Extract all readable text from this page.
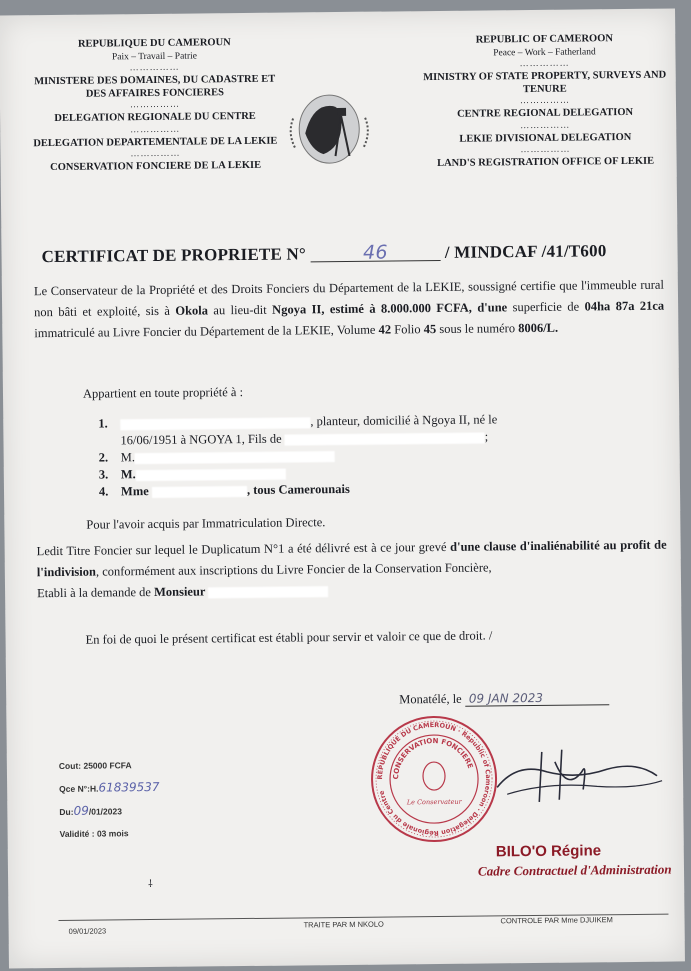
REPUBLIQUE DU CAMEROUN
Paix – Travail – Patrie
……………
MINISTERE DES DOMAINES, DU CADASTRE ET DES AFFAIRES FONCIERES
……………
DELEGATION REGIONALE DU CENTRE
……………
DELEGATION DEPARTEMENTALE DE LA LEKIE
……………
CONSERVATION FONCIERE DE LA LEKIE
REPUBLIC OF CAMEROON
Peace – Work – Fatherland
……………
MINISTRY OF STATE PROPERTY, SURVEYS AND TENURE
……………
CENTRE REGIONAL DELEGATION
……………
LEKIE DIVISIONAL DELEGATION
……………
LAND'S REGISTRATION OFFICE OF LEKIE
CERTIFICAT DE PROPRIETE N°	46	/ MINDCAF /41/T600
Le Conservateur de la Propriété et des Droits Fonciers du Département de la LEKIE, soussigné certifie que l'immeuble rural non bâti et exploité, sis à Okola au lieu-dit Ngoya II, estimé à 8.000.000 FCFA, d'une superficie de 04ha 87a 21ca immatriculé au Livre Foncier du Département de la LEKIE, Volume 42 Folio 45 sous le numéro 8006/L.
Appartient en toute propriété à :
1.	, planteur, domicilié à Ngoya II, né le
16/06/1951 à NGOYA 1, Fils de	;
2. M.
3. M.
4. Mme	, tous Camerounais
Pour l'avoir acquis par Immatriculation Directe.
Ledit Titre Foncier sur lequel le Duplicatum N°1 a été délivré est à ce jour grevé d'une clause d'inaliénabilité au profit de l'indivision, conformément aux inscriptions du Livre Foncier de la Conservation Foncière,
Etabli à la demande de Monsieur
En foi de quoi le présent certificat est établi pour servir et valoir ce que de droit. /
Monatélé, le 09 JAN 2023
Cout: 25000 FCFA
Qce N°:H.61839537
Du:09/01/2023
Validité : 03 mois
REPUBLIQUE DU CAMEROUN · Republic of Cameroon · Delegation Régionale du Centre
CONSERVATION FONCIERE
Le Conservateur
BILO'O Régine
Cadre Contractuel d'Administration
⸸
09/01/2023
TRAITE PAR M NKOLO	CONTROLE PAR Mme DJUIKEM
